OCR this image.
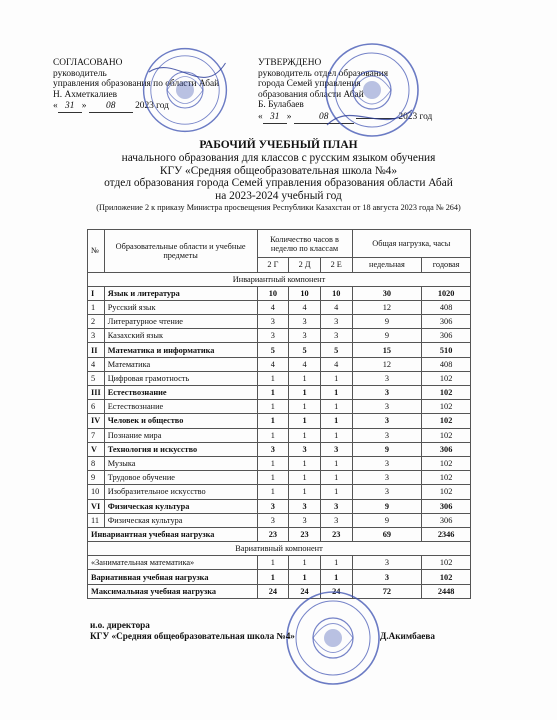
СОГЛАСОВАНО
руководитель
управления образования по области Абай
Н. Ахметкалиев
« 31 » 08 2023 год
УТВЕРЖДЕНО
руководитель отдел образования
города Семей управления
образования области Абай
Б. Булабаев
« 31 »	08	2023 год
РАБОЧИЙ УЧЕБНЫЙ ПЛАН
начального образования для классов с русским языком обучения
КГУ «Средняя общеобразовательная школа №4»
отдел образования города Семей управления образования области Абай
на 2023-2024 учебный год
(Приложение 2 к приказу Министра просвещения Республики Казахстан от 18 августа 2023 года № 264)
№	Образовательные области и учебные предметы	Количество часов в неделю по классам			Общая нагрузка, часы	
		2 Г	2 Д	2 Е	недельная	годовая
Инвариантный компонент						
I	Язык и литература	10	10	10	30	1020
1	Русский язык	4	4	4	12	408
2	Литературное чтение	3	3	3	9	306
3	Казахский язык	3	3	3	9	306
II	Математика и информатика	5	5	5	15	510
4	Математика	4	4	4	12	408
5	Цифровая грамотность	1	1	1	3	102
III	Естествознание	1	1	1	3	102
6	Естествознание	1	1	1	3	102
IV	Человек и общество	1	1	1	3	102
7	Познание мира	1	1	1	3	102
V	Технология и искусство	3	3	3	9	306
8	Музыка	1	1	1	3	102
9	Трудовое обучение	1	1	1	3	102
10	Изобразительное искусство	1	1	1	3	102
VI	Физическая культура	3	3	3	9	306
11	Физическая культура	3	3	3	9	306
Инвариантная учебная нагрузка		23	23	23	69	2346
Вариативный компонент						
«Занимательная математика»		1	1	1	3	102
Вариативная учебная нагрузка		1	1	1	3	102
Максимальная учебная нагрузка		24	24	24	72	2448
и.о. директора
КГУ «Средняя общеобразовательная школа №4»	Д.Акимбаева
